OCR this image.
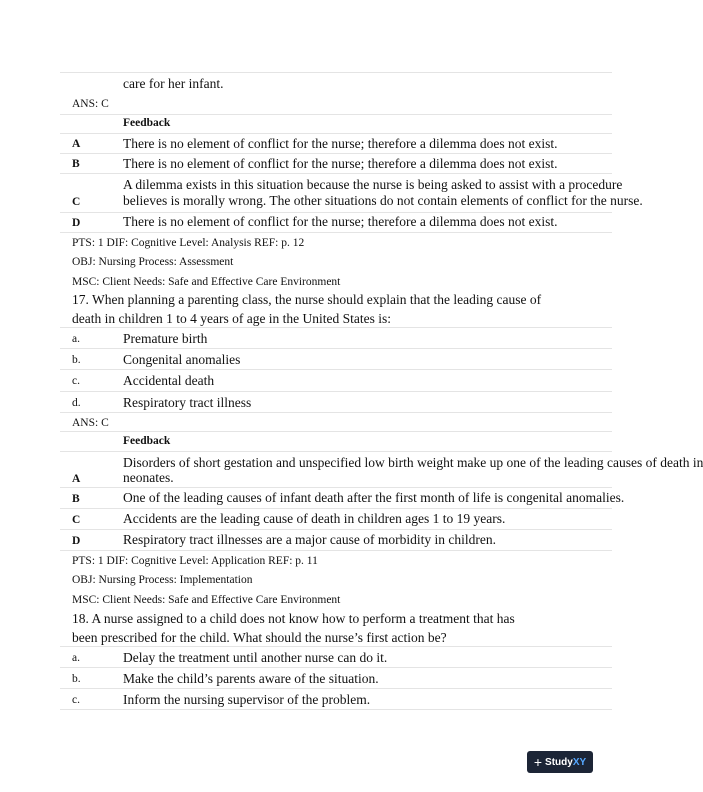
care for her infant.
ANS: C
Feedback
A	There is no element of conflict for the nurse; therefore a dilemma does not exist.
B	There is no element of conflict for the nurse; therefore a dilemma does not exist.
A dilemma exists in this situation because the nurse is being asked to assist with a procedure
C	believes is morally wrong. The other situations do not contain elements of conflict for the nurse.
D	There is no element of conflict for the nurse; therefore a dilemma does not exist.
PTS: 1 DIF: Cognitive Level: Analysis REF: p. 12
OBJ: Nursing Process: Assessment
MSC: Client Needs: Safe and Effective Care Environment
17. When planning a parenting class, the nurse should explain that the leading cause of
death in children 1 to 4 years of age in the United States is:
a.	Premature birth
b.	Congenital anomalies
c.	Accidental death
d.	Respiratory tract illness
ANS: C
Feedback
Disorders of short gestation and unspecified low birth weight make up one of the leading causes of death in
A	neonates.
B	One of the leading causes of infant death after the first month of life is congenital anomalies.
C	Accidents are the leading cause of death in children ages 1 to 19 years.
D	Respiratory tract illnesses are a major cause of morbidity in children.
PTS: 1 DIF: Cognitive Level: Application REF: p. 11
OBJ: Nursing Process: Implementation
MSC: Client Needs: Safe and Effective Care Environment
18. A nurse assigned to a child does not know how to perform a treatment that has
been prescribed for the child. What should the nurse’s first action be?
a.	Delay the treatment until another nurse can do it.
b.	Make the child’s parents aware of the situation.
c.	Inform the nursing supervisor of the problem.
+ Study XY
